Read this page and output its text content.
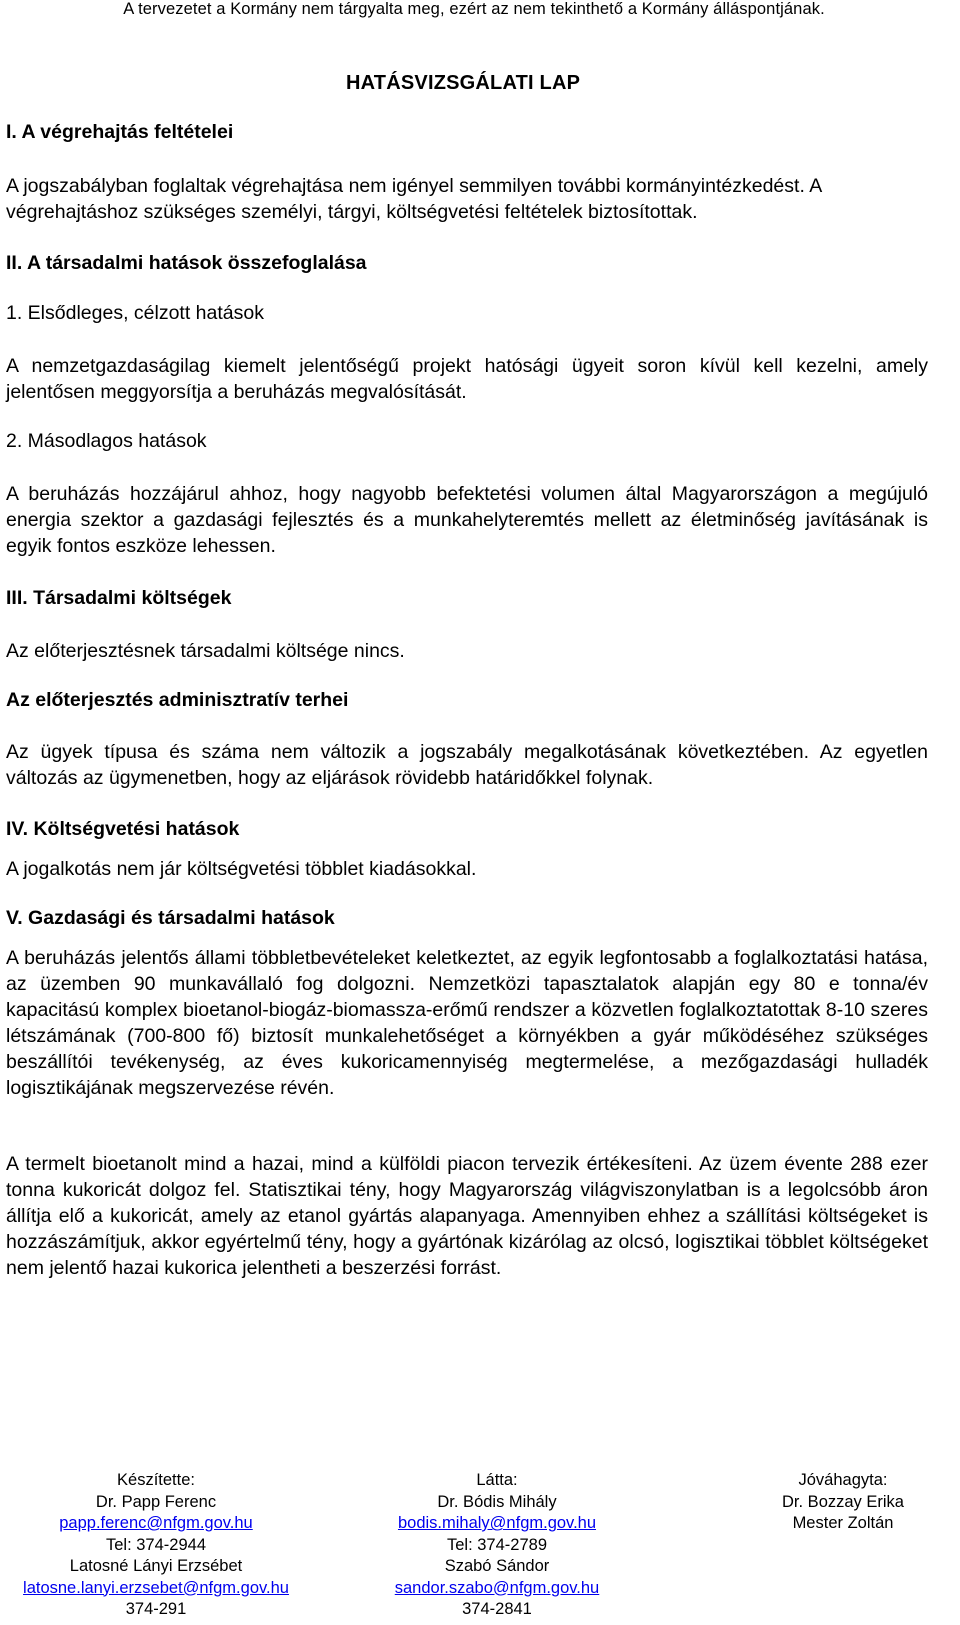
A tervezetet a Kormány nem tárgyalta meg, ezért az nem tekinthető a Kormány álláspontjának.
HATÁSVIZSGÁLATI LAP
I. A végrehajtás feltételei
A jogszabályban foglaltak végrehajtása nem igényel semmilyen további kormányintézkedést. A végrehajtáshoz szükséges személyi, tárgyi, költségvetési feltételek biztosítottak.
II. A társadalmi hatások összefoglalása
1. Elsődleges, célzott hatások
A nemzetgazdaságilag kiemelt jelentőségű projekt hatósági ügyeit soron kívül kell kezelni, amely jelentősen meggyorsítja a beruházás megvalósítását.
2. Másodlagos hatások
A beruházás hozzájárul ahhoz, hogy nagyobb befektetési volumen által Magyarországon a megújuló energia szektor a gazdasági fejlesztés és a munkahelyteremtés mellett az életminőség javításának is egyik fontos eszköze lehessen.
III. Társadalmi költségek
Az előterjesztésnek társadalmi költsége nincs.
Az előterjesztés adminisztratív terhei
Az ügyek típusa és száma nem változik a jogszabály megalkotásának következtében. Az egyetlen változás az ügymenetben, hogy az eljárások rövidebb határidőkkel folynak.
IV. Költségvetési hatások
A jogalkotás nem jár költségvetési többlet kiadásokkal.
V. Gazdasági és társadalmi hatások
A beruházás jelentős állami többletbevételeket keletkeztet, az egyik legfontosabb a foglalkoztatási hatása, az üzemben 90 munkavállaló fog dolgozni. Nemzetközi tapasztalatok alapján egy 80 e tonna/év kapacitású komplex bioetanol-biogáz-biomassza-erőmű rendszer a közvetlen foglalkoztatottak 8-10 szeres létszámának (700-800 fő) biztosít munkalehetőséget a környékben a gyár működéséhez szükséges beszállítói tevékenység, az éves kukoricamennyiség megtermelése, a mezőgazdasági hulladék logisztikájának megszervezése révén.
A termelt bioetanolt mind a hazai, mind a külföldi piacon tervezik értékesíteni. Az üzem évente 288 ezer tonna kukoricát dolgoz fel. Statisztikai tény, hogy Magyarország világviszonylatban is a legolcsóbb áron állítja elő a kukoricát, amely az etanol gyártás alapanyaga. Amennyiben ehhez a szállítási költségeket is hozzászámítjuk, akkor egyértelmű tény, hogy a gyártónak kizárólag az olcsó, logisztikai többlet költségeket nem jelentő hazai kukorica jelentheti a beszerzési forrást.
Készítette:
Dr. Papp Ferenc
papp.ferenc@nfgm.gov.hu
Tel: 374-2944
Latosné Lányi Erzsébet
latosne.lanyi.erzsebet@nfgm.gov.hu
374-291
Látta:
Dr. Bódis Mihály
bodis.mihaly@nfgm.gov.hu
Tel: 374-2789
Szabó Sándor
sandor.szabo@nfgm.gov.hu
374-2841
Jóváhagyta:
Dr. Bozzay Erika
Mester Zoltán
